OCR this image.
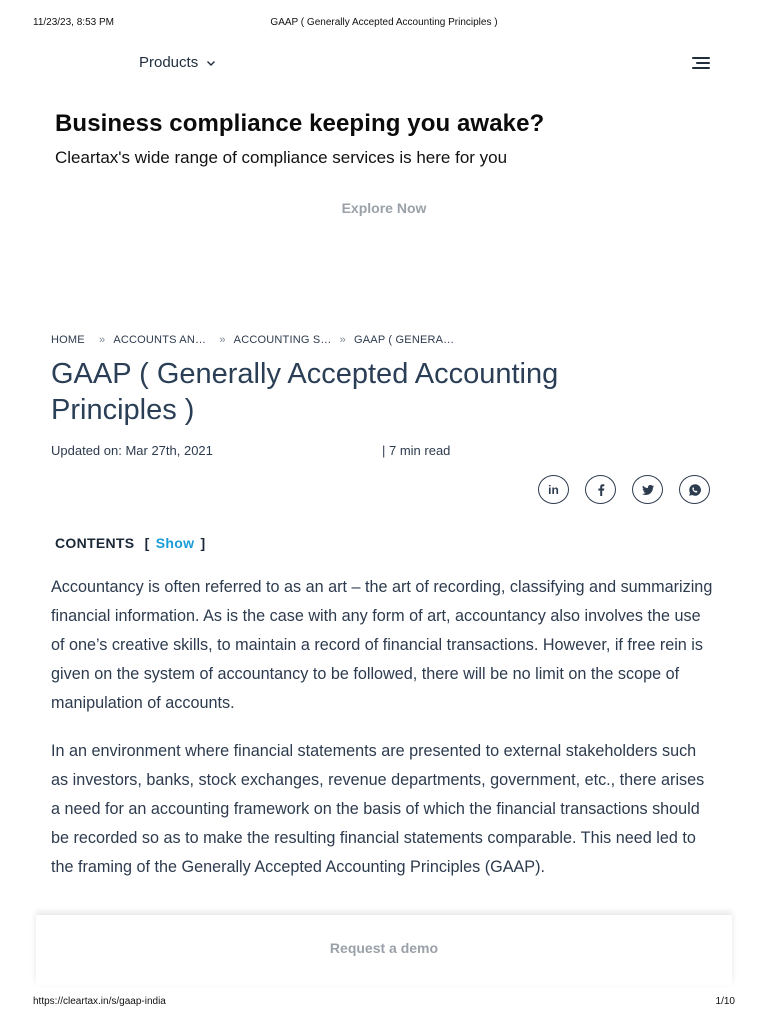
11/23/23, 8:53 PM	GAAP ( Generally Accepted Accounting Principles )
Products
Business compliance keeping you awake?

Cleartax's wide range of compliance services is here for you

Explore Now
HOME	» ACCOUNTS AN…	» ACCOUNTING S… » GAAP ( GENERA…
GAAP ( Generally Accepted Accounting Principles )
Updated on: Mar 27th, 2021	| 7 min read
in
CONTENTS [ Show ]

Accountancy is often referred to as an art – the art of recording, classifying and summarizing financial information. As is the case with any form of art, accountancy also involves the use of one’s creative skills, to maintain a record of financial transactions. However, if free rein is given on the system of accountancy to be followed, there will be no limit on the scope of manipulation of accounts.

In an environment where financial statements are presented to external stakeholders such as investors, banks, stock exchanges, revenue departments, government, etc., there arises a need for an accounting framework on the basis of which the financial transactions should be recorded so as to make the resulting financial statements comparable. This need led to the framing of the Generally Accepted Accounting Principles (GAAP).

Request a demo
https://cleartax.in/s/gaap-india	1/10
